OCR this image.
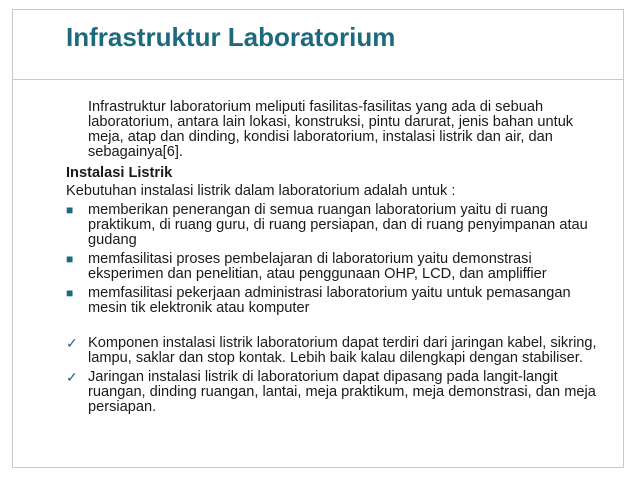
Infrastruktur Laboratorium

Infrastruktur laboratorium meliputi fasilitas-fasilitas yang ada di sebuah laboratorium, antara lain lokasi, konstruksi, pintu darurat, jenis bahan untuk meja, atap dan dinding, kondisi laboratorium, instalasi listrik dan air, dan sebagainya[6].

Instalasi Listrik
Kebutuhan instalasi listrik dalam laboratorium adalah untuk :
■	memberikan penerangan di semua ruangan laboratorium yaitu di ruang praktikum, di ruang guru, di ruang persiapan, dan di ruang penyimpanan atau gudang
■	memfasilitasi proses pembelajaran di laboratorium yaitu demonstrasi eksperimen dan penelitian, atau penggunaan OHP, LCD, dan ampliffier
■	memfasilitasi pekerjaan administrasi laboratorium yaitu untuk pemasangan mesin tik elektronik atau komputer
✓ Komponen instalasi listrik laboratorium dapat terdiri dari jaringan kabel, sikring, lampu, saklar dan stop kontak. Lebih baik kalau dilengkapi dengan stabiliser.
✓ Jaringan instalasi listrik di laboratorium dapat dipasang pada langit-langit ruangan, dinding ruangan, lantai, meja praktikum, meja demonstrasi, dan meja persiapan.
